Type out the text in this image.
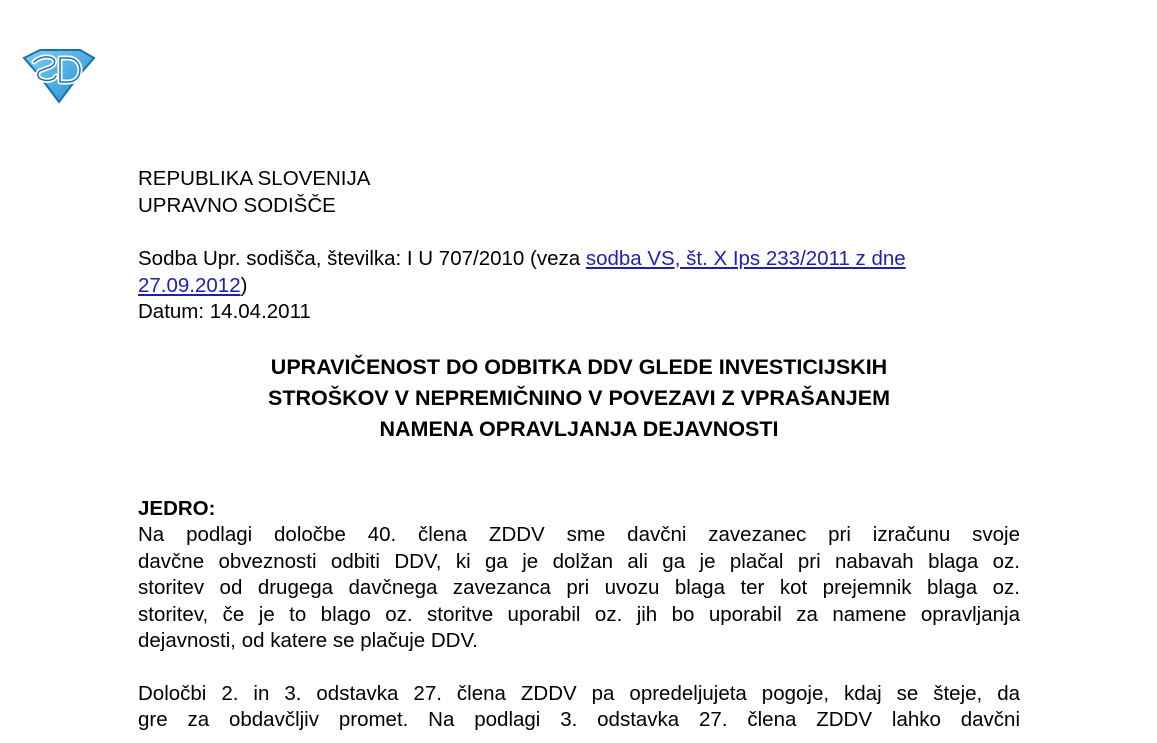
REPUBLIKA SLOVENIJA
UPRAVNO SODIŠČE
Sodba Upr. sodišča, številka: I U 707/2010 (veza sodba VS, št. X Ips 233/2011 z dne
27.09.2012)
Datum: 14.04.2011
UPRAVIČENOST DO ODBITKA DDV GLEDE INVESTICIJSKIH
STROŠKOV V NEPREMIČNINO V POVEZAVI Z VPRAŠANJEM
NAMENA OPRAVLJANJA DEJAVNOSTI
JEDRO:
Na podlagi določbe 40. člena ZDDV sme davčni zavezanec pri izračunu svoje
davčne obveznosti odbiti DDV, ki ga je dolžan ali ga je plačal pri nabavah blaga oz.
storitev od drugega davčnega zavezanca pri uvozu blaga ter kot prejemnik blaga oz.
storitev, če je to blago oz. storitve uporabil oz. jih bo uporabil za namene opravljanja
dejavnosti, od katere se plačuje DDV.
Določbi 2. in 3. odstavka 27. člena ZDDV pa opredeljujeta pogoje, kdaj se šteje, da
gre za obdavčljiv promet. Na podlagi 3. odstavka 27. člena ZDDV lahko davčni
